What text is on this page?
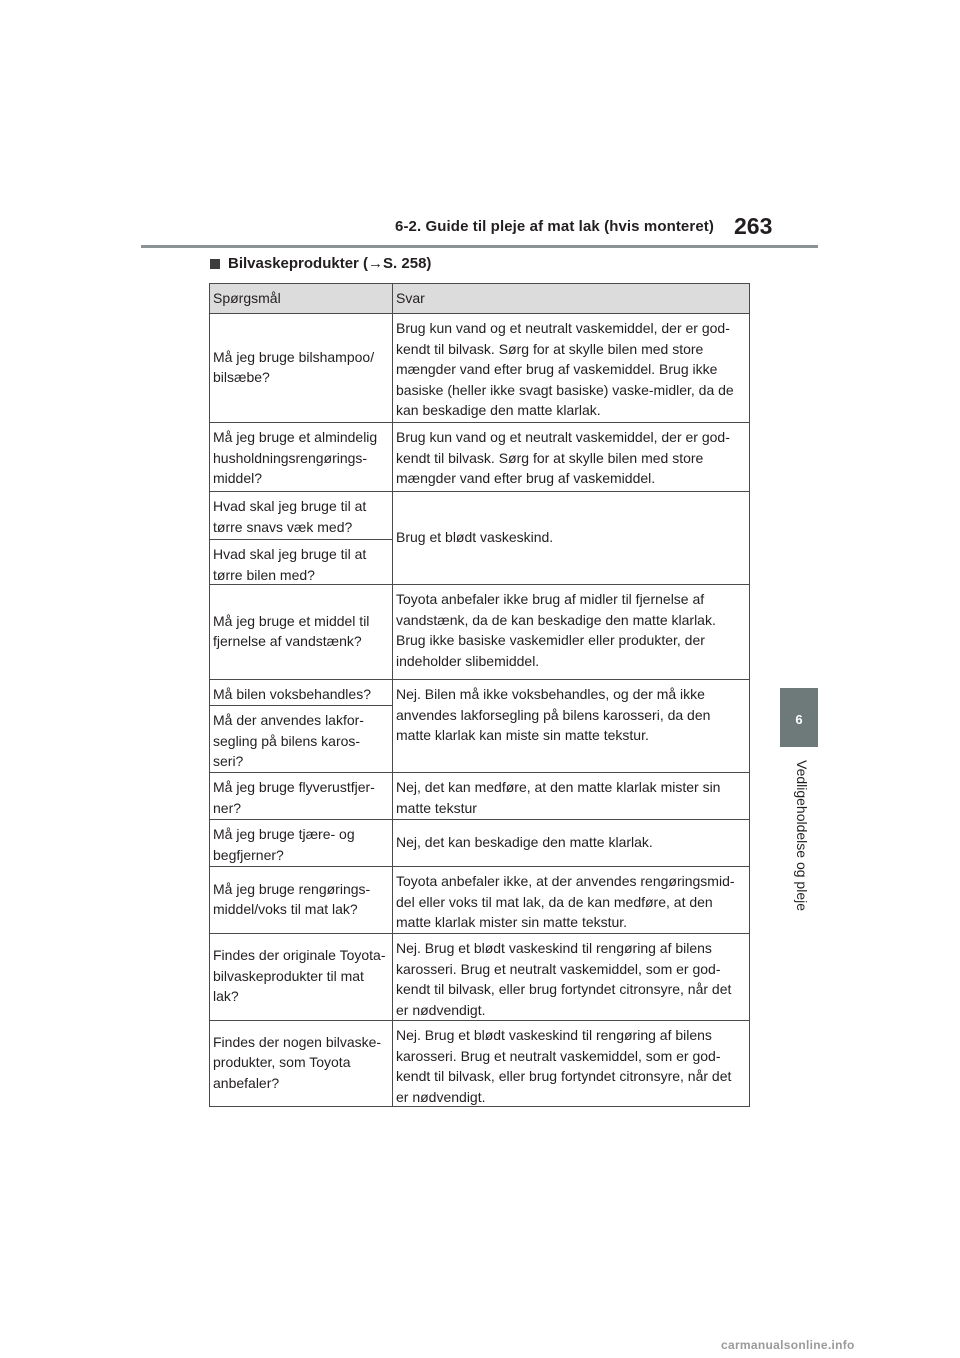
6-2. Guide til pleje af mat lak (hvis monteret) 263
6
Vedligeholdelse og pleje
Bilvaskeprodukter (→S. 258)
Spørgsmål	Svar
Må jeg bruge bilshampoo/ bilsæbe?
Brug kun vand og et neutralt vaskemiddel, der er god-kendt til bilvask. Sørg for at skylle bilen med store mængder vand efter brug af vaskemiddel. Brug ikke basiske (heller ikke svagt basiske) vaske-midler, da de kan beskadige den matte klarlak.
Må jeg bruge et almindelig husholdningsrengørings-middel?
Brug kun vand og et neutralt vaskemiddel, der er god-kendt til bilvask. Sørg for at skylle bilen med store mængder vand efter brug af vaskemiddel.
Hvad skal jeg bruge til at tørre snavs væk med?
Brug et blødt vaskeskind.
Hvad skal jeg bruge til at tørre bilen med?
Må jeg bruge et middel til fjernelse af vandstænk?
Toyota anbefaler ikke brug af midler til fjernelse af vandstænk, da de kan beskadige den matte klarlak. Brug ikke basiske vaskemidler eller produkter, der indeholder slibemiddel.
Må bilen voksbehandles?	Nej. Bilen må ikke voksbehandles, og der må ikke anvendes lakforsegling på bilens karosseri, da den matte klarlak kan miste sin matte tekstur.
Må der anvendes lakfor-segling på bilens karos-seri?
Må jeg bruge flyverustfjer-ner?
Nej, det kan medføre, at den matte klarlak mister sin matte tekstur
Må jeg bruge tjære- og begfjerner?
Nej, det kan beskadige den matte klarlak.
Må jeg bruge rengørings-middel/voks til mat lak?
Toyota anbefaler ikke, at der anvendes rengøringsmid-del eller voks til mat lak, da de kan medføre, at den matte klarlak mister sin matte tekstur.
Findes der originale Toyota-bilvaskeprodukter til mat lak?
Nej. Brug et blødt vaskeskind til rengøring af bilens karosseri. Brug et neutralt vaskemiddel, som er god-kendt til bilvask, eller brug fortyndet citronsyre, når det er nødvendigt.
Findes der nogen bilvaske-produkter, som Toyota anbefaler?
Nej. Brug et blødt vaskeskind til rengøring af bilens karosseri. Brug et neutralt vaskemiddel, som er god-kendt til bilvask, eller brug fortyndet citronsyre, når det er nødvendigt.
carmanualsonline.info
